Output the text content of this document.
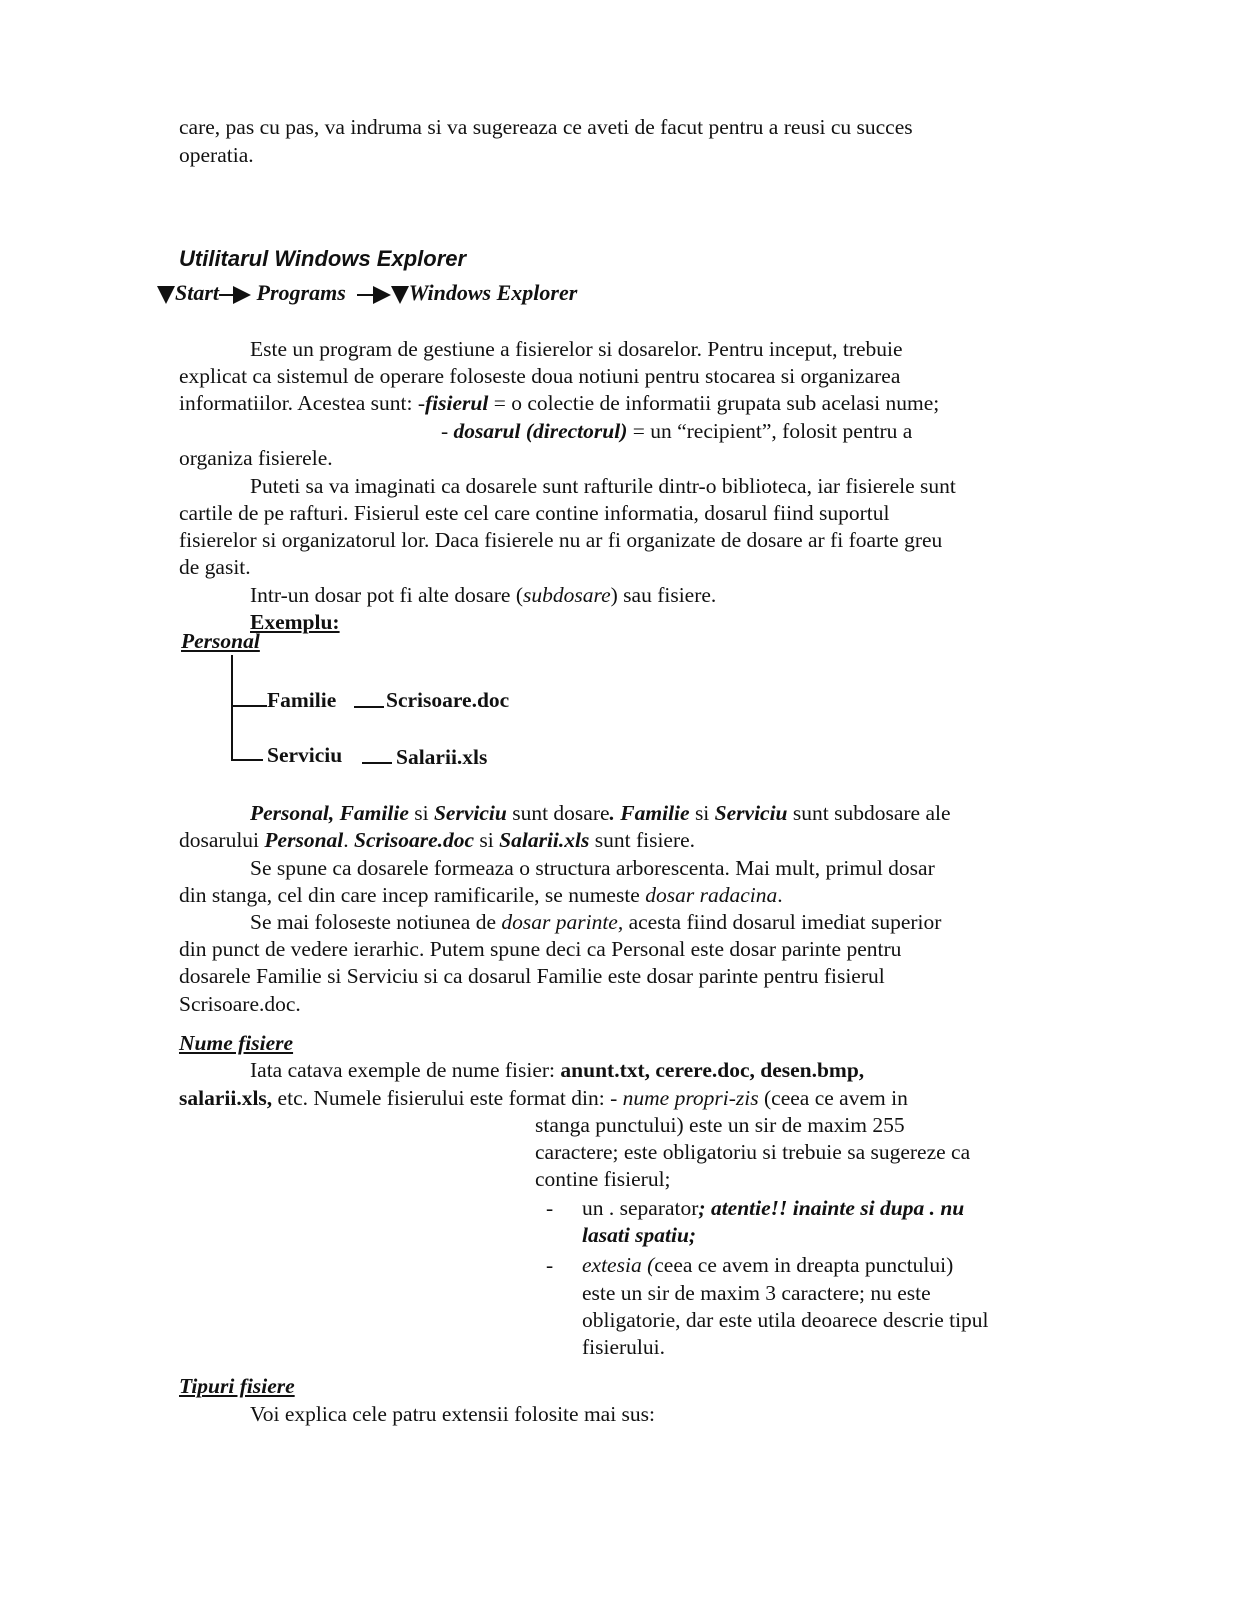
care, pas cu pas, va indruma si va sugereaza ce aveti de facut pentru a reusi cu succes
operatia.
Utilitarul Windows Explorer
Start Programs	Windows Explorer
Este un program de gestiune a fisierelor si dosarelor. Pentru inceput, trebuie
explicat ca sistemul de operare foloseste doua notiuni pentru stocarea si organizarea
informatiilor. Acestea sunt: -fisierul = o colectie de informatii grupata sub acelasi nume;
- dosarul (directorul) = un “recipient”, folosit pentru a
organiza fisierele.
Puteti sa va imaginati ca dosarele sunt rafturile dintr-o biblioteca, iar fisierele sunt
cartile de pe rafturi. Fisierul este cel care contine informatia, dosarul fiind suportul
fisierelor si organizatorul lor. Daca fisierele nu ar fi organizate de dosare ar fi foarte greu
de gasit.
Intr-un dosar pot fi alte dosare (subdosare) sau fisiere.
Exemplu:
Personal
Familie Scrisoare.doc
Serviciu	Salarii.xls
Personal, Familie si Serviciu sunt dosare. Familie si Serviciu sunt subdosare ale
dosarului Personal. Scrisoare.doc si Salarii.xls sunt fisiere.
Se spune ca dosarele formeaza o structura arborescenta. Mai mult, primul dosar
din stanga, cel din care incep ramificarile, se numeste dosar radacina.
Se mai foloseste notiunea de dosar parinte, acesta fiind dosarul imediat superior
din punct de vedere ierarhic. Putem spune deci ca Personal este dosar parinte pentru
dosarele Familie si Serviciu si ca dosarul Familie este dosar parinte pentru fisierul
Scrisoare.doc.
Nume fisiere
Iata catava exemple de nume fisier: anunt.txt, cerere.doc, desen.bmp,
salarii.xls, etc. Numele fisierului este format din: - nume propri-zis (ceea ce avem in
stanga punctului) este un sir de maxim 255
caractere; este obligatoriu si trebuie sa sugereze ca
contine fisierul;
- un . separator; atentie!! inainte si dupa . nu
lasati spatiu;
- extesia (ceea ce avem in dreapta punctului)
este un sir de maxim 3 caractere; nu este
obligatorie, dar este utila deoarece descrie tipul
fisierului.
Tipuri fisiere
Voi explica cele patru extensii folosite mai sus:
